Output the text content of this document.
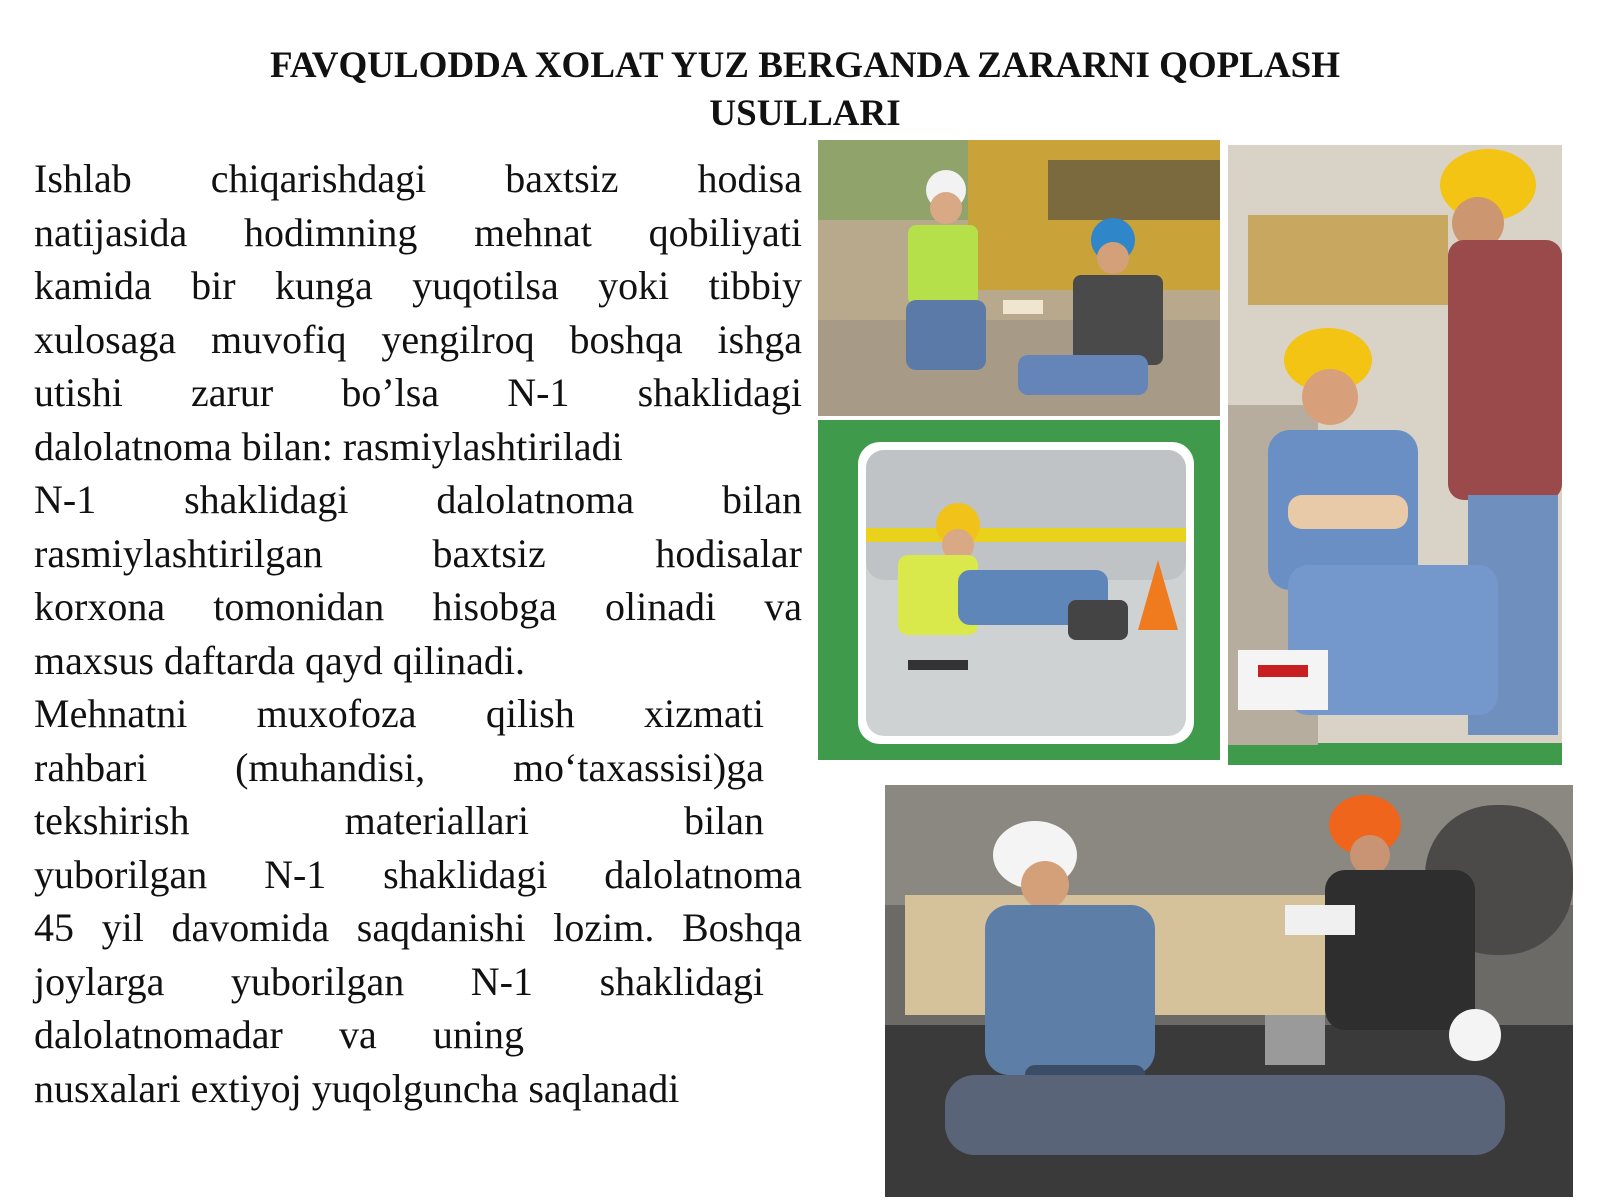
FAVQULODDA XOLAT YUZ BERGANDA ZARARNI QOPLASH
USULLARI

Ishlab chiqarishdagi baxtsiz hodisa
natijasida hodimning mehnat qobiliyati
kamida bir kunga yuqotilsa yoki tibbiy
xulosaga muvofiq yengilroq boshqa ishga
utishi zarur bo’lsa N-1 shaklidagi
dalolatnoma bilan: rasmiylashtiriladi

N-1 shaklidagi dalolatnoma bilan
rasmiylashtirilgan baxtsiz hodisalar
korxona tomonidan hisobga olinadi va
maxsus daftarda qayd qilinadi.

Mehnatni muxofoza qilish xizmati
rahbari (muhandisi, mo‘taxassisi)ga
tekshirish materiallari bilan
yuborilgan N-1 shaklidagi dalolatnoma
45 yil davomida saqdanishi lozim. Boshqa
joylarga yuborilgan N-1 shaklidagi
dalolatnomadar va uning
nusxalari extiyoj yuqolguncha saqlanadi
